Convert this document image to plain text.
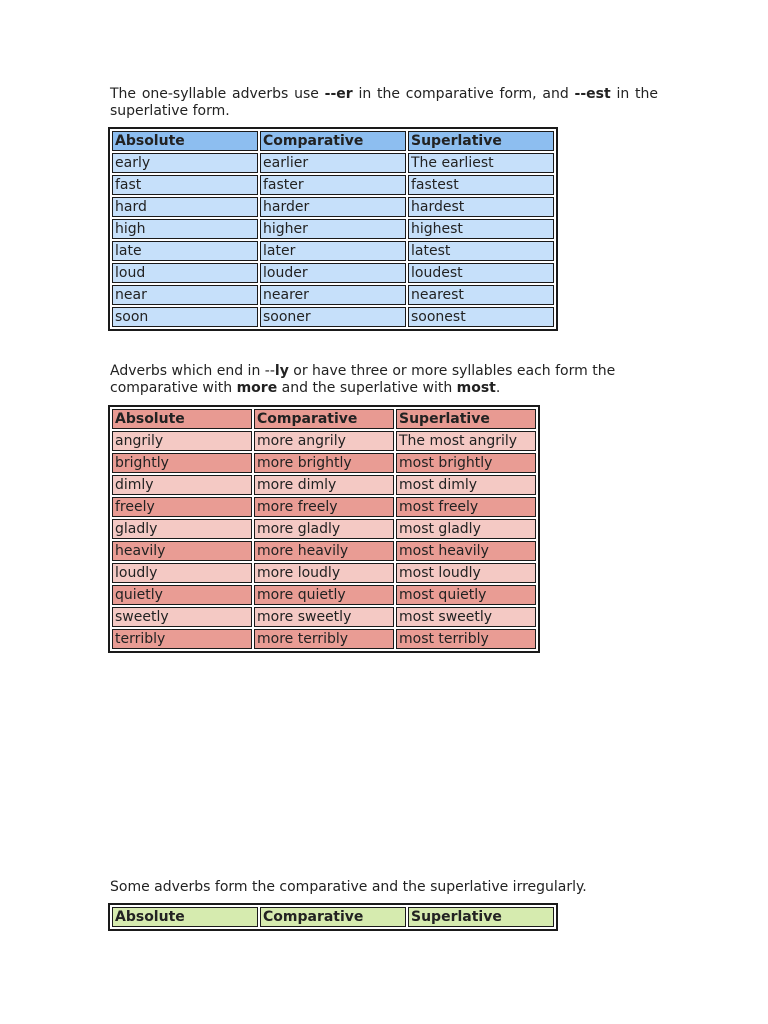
The one-syllable adverbs use --er in the comparative form, and --est in the superlative form.

Absolute	Comparative	Superlative
early	earlier	The earliest
fast	faster	fastest
hard	harder	hardest
high	higher	highest
late	later	latest
loud	louder	loudest
near	nearer	nearest
soon	sooner	soonest

Adverbs which end in --ly or have three or more syllables each form the comparative with more and the superlative with most.

Absolute	Comparative	Superlative
angrily	more angrily	The most angrily
brightly	more brightly	most brightly
dimly	more dimly	most dimly
freely	more freely	most freely
gladly	more gladly	most gladly
heavily	more heavily	most heavily
loudly	more loudly	most loudly
quietly	more quietly	most quietly
sweetly	more sweetly	most sweetly
terribly	more terribly	most terribly

Some adverbs form the comparative and the superlative irregularly.

Absolute	Comparative	Superlative
